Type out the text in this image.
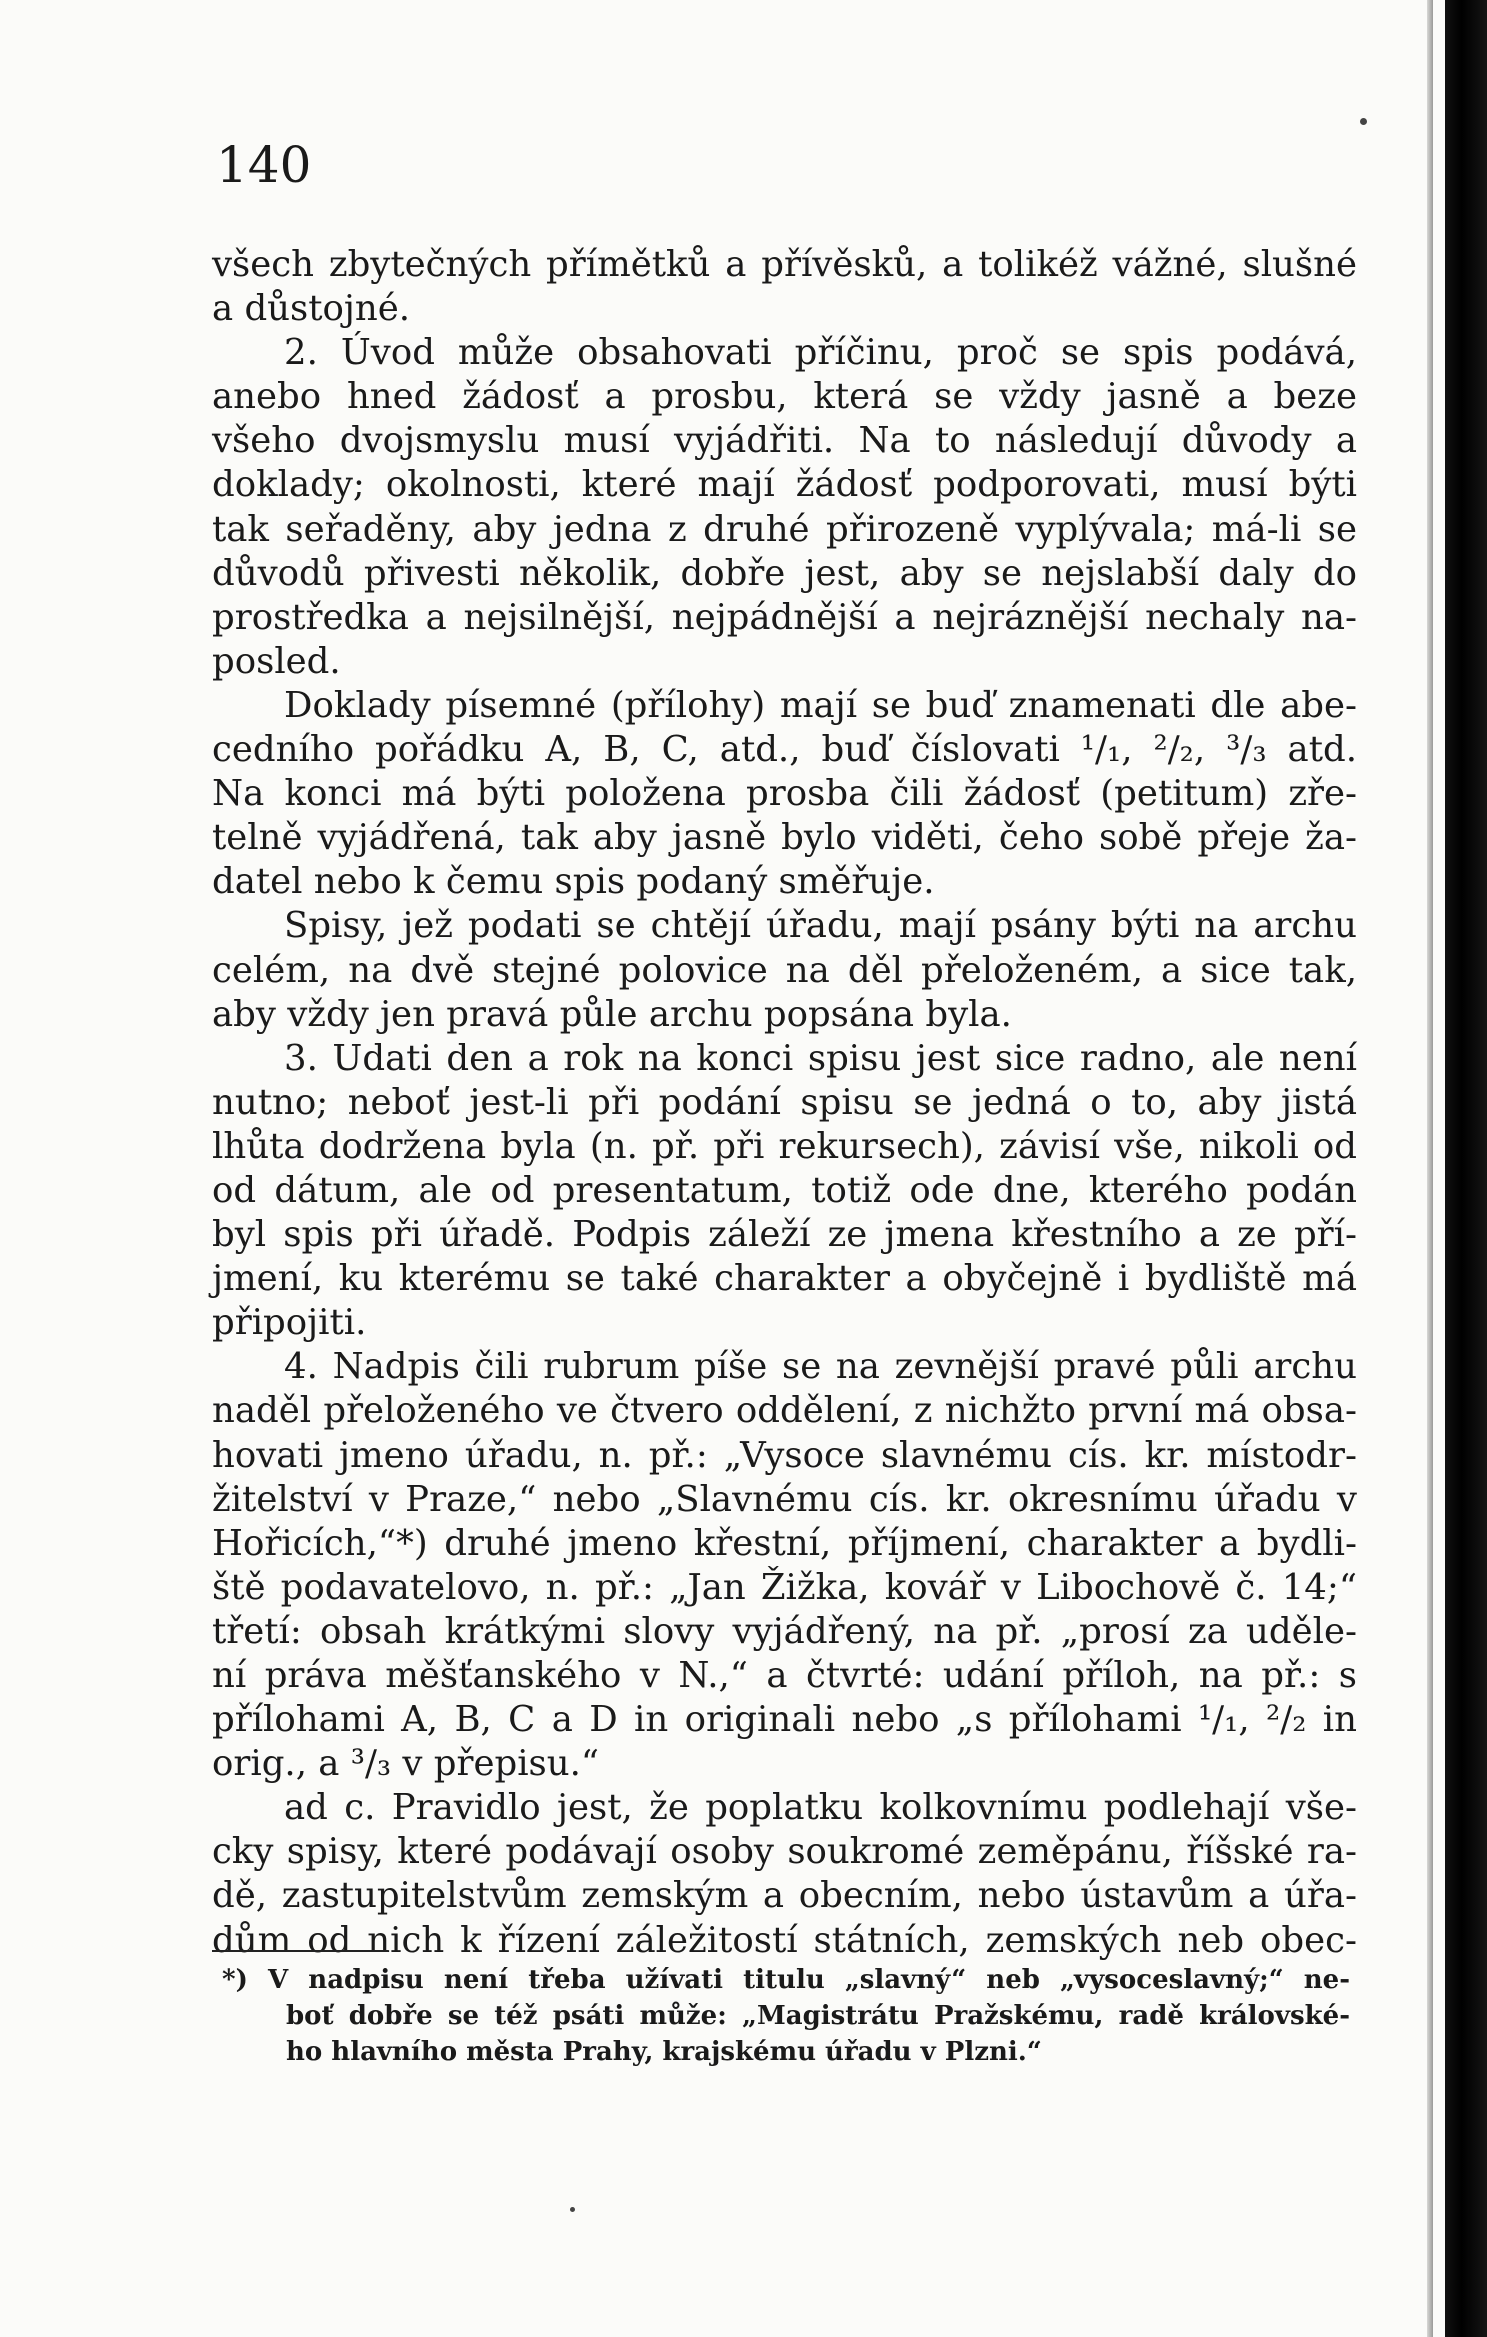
140
všech zbytečných přímětků a přívěsků, a tolikéž vážné, slušné
a důstojné.
2. Úvod může obsahovati příčinu, proč se spis podává,
anebo hned žádosť a prosbu, která se vždy jasně a beze
všeho dvojsmyslu musí vyjádřiti. Na to následují důvody a
doklady; okolnosti, které mají žádosť podporovati, musí býti
tak seřaděny, aby jedna z druhé přirozeně vyplývala; má-li se
důvodů přivesti několik, dobře jest, aby se nejslabší daly do
prostředka a nejsilnější, nejpádnější a nejráznější nechaly na-
posled.
Doklady písemné (přílohy) mají se buď znamenati dle abe-
cedního pořádku A, B, C, atd., buď číslovati ¹/₁, ²/₂, ³/₃ atd.
Na konci má býti položena prosba čili žádosť (petitum) zře-
telně vyjádřená, tak aby jasně bylo viděti, čeho sobě přeje ža-
datel nebo k čemu spis podaný směřuje.
Spisy, jež podati se chtějí úřadu, mají psány býti na archu
celém, na dvě stejné polovice na děl přeloženém, a sice tak,
aby vždy jen pravá půle archu popsána byla.
3. Udati den a rok na konci spisu jest sice radno, ale není
nutno; neboť jest-li při podání spisu se jedná o to, aby jistá
lhůta dodržena byla (n. př. při rekursech), závisí vše, nikoli od
od dátum, ale od presentatum, totiž ode dne, kterého podán
byl spis při úřadě. Podpis záleží ze jmena křestního a ze pří-
jmení, ku kterému se také charakter a obyčejně i bydliště má
připojiti.
4. Nadpis čili rubrum píše se na zevnější pravé půli archu
naděl přeloženého ve čtvero oddělení, z nichžto první má obsa-
hovati jmeno úřadu, n. př.: „Vysoce slavnému cís. kr. místodr-
žitelství v Praze,“ nebo „Slavnému cís. kr. okresnímu úřadu v
Hořicích,“*) druhé jmeno křestní, příjmení, charakter a bydli-
ště podavatelovo, n. př.: „Jan Žižka, kovář v Libochově č. 14;“
třetí: obsah krátkými slovy vyjádřený, na př. „prosí za uděle-
ní práva měšťanského v N.,“ a čtvrté: udání příloh, na př.: s
přílohami A, B, C a D in originali nebo „s přílohami ¹/₁, ²/₂ in
orig., a ³/₃ v přepisu.“
ad c. Pravidlo jest, že poplatku kolkovnímu podlehají vše-
cky spisy, které podávají osoby soukromé zeměpánu, říšské ra-
dě, zastupitelstvům zemským a obecním, nebo ústavům a úřa-
dům od nich k řízení záležitostí státních, zemských neb obec-
*) V nadpisu není třeba užívati titulu „slavný“ neb „vysoceslavný;“ ne-
boť dobře se též psáti může: „Magistrátu Pražskému, radě královské-
ho hlavního města Prahy, krajskému úřadu v Plzni.“
